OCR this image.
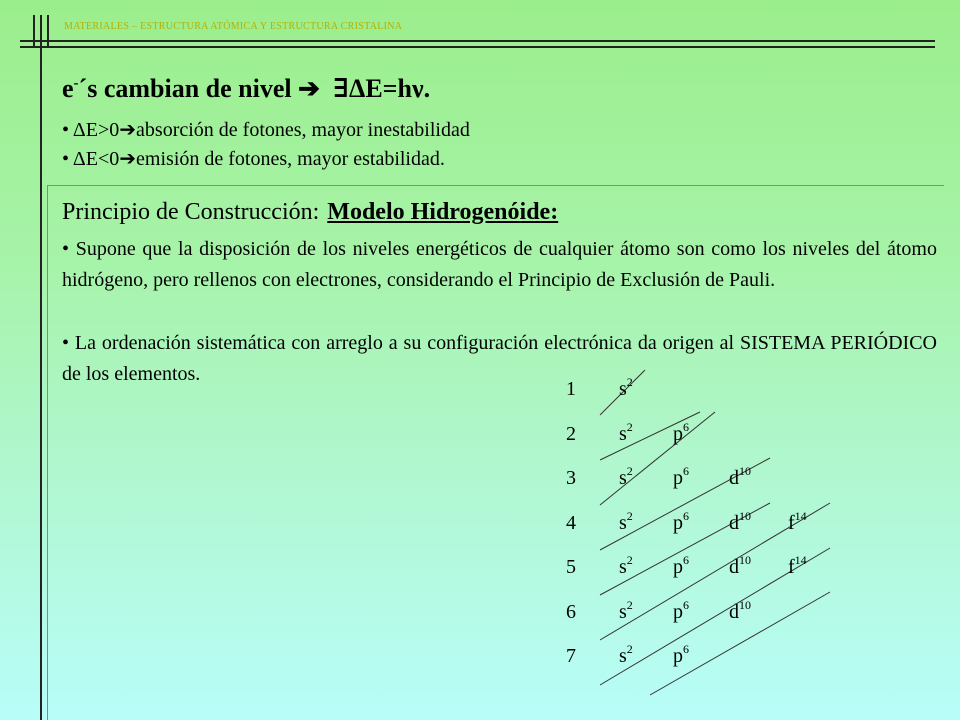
MATERIALES – ESTRUCTURA ATÓMICA Y ESTRUCTURA CRISTALINA
e-´s cambian de nivel ➔  ∃ΔE=hν.
• ΔE>0➔absorción de fotones, mayor inestabilidad
• ΔE<0➔emisión de fotones, mayor estabilidad.
Principio de Construcción: Modelo Hidrogenóide:
• Supone que la disposición de los niveles energéticos de cualquier átomo son como los niveles del átomo hidrógeno, pero rellenos con electrones, considerando el Principio de Exclusión de Pauli.
• La ordenación sistemática con arreglo a su configuración electrónica da origen al SISTEMA PERIÓDICO de los elementos.
1 $s^2$
2 $s^2$ $p^6$
3 $s^2$ $p^6$ $d^{10}$
4 $s^2$ $p^6$ $d^{10}$ $f^{14}$
5 $s^2$ $p^6$ $d^{10}$ $f^{14}$
6 $s^2$ $p^6$ $d^{10}$
7 $s^2$ $p^6$
